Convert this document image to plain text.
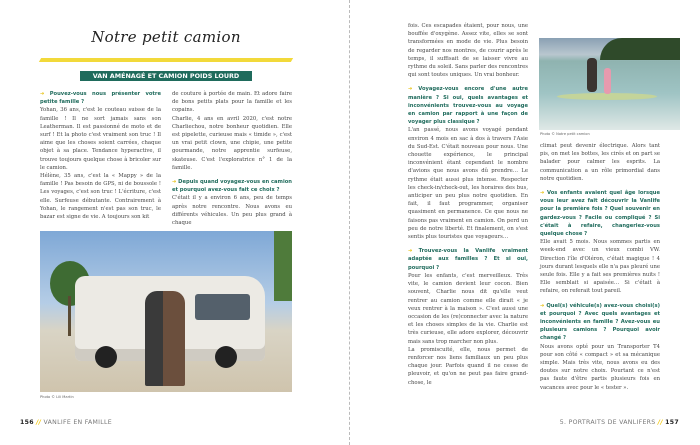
Notre petit camion
VAN AMÉNAGÉ ET CAMION POIDS LOURD

➜ Pouvez-vous nous présenter votre petite famille ?

Yohan, 36 ans, c'est le couteau suisse de la famille ! Il ne sort jamais sans son Leatherman. Il est passionné de moto et de surf ! Et la photo c'est vraiment son truc ! Il aime que les choses soient carrées, chaque objet à sa place. Tendance hyperactive, il trouve toujours quelque chose à bricoler sur le camion.

Hélène, 35 ans, c'est la « Mappy » de la famille ! Pas besoin de GPS, ni de boussole ! Les voyages, c'est son truc ! L'écriture, c'est elle. Surfeuse débutante. Contrairement à Yohan, le rangement n'est pas son truc, le bazar est signe de vie. A toujours son kit

de couture à portée de main. Et adore faire de bons petits plats pour la famille et les copains.

Charlie, 4 ans en avril 2020, c'est notre Charliechou, notre bonheur quotidien. Elle est pipelette, curieuse mais « timide », c'est un vrai petit clown, une chipie, une petite gourmande, notre apprentie surfeuse, skateuse. C'est l'exploratrice n° 1 de la famille.

➜ Depuis quand voyagez-vous en camion et pourquoi avez-vous fait ce choix ?

C'était il y a environ 6 ans, peu de temps après notre rencontre. Nous avons eu différents véhicules. Un peu plus grand à chaque

Photo © Lili Martin
156 // VANLIFE EN FAMILLE

fois. Ces escapades étaient, pour nous, une bouffée d'oxygène. Assez vite, elles se sont transformées en mode de vie. Plus besoin de regarder nos montres, de courir après le temps, il suffisait de se laisser vivre au rythme du soleil. Sans parler des rencontres qui sont toutes uniques. Un vrai bonheur.

➜ Voyagez-vous encore d'une autre manière ? Si oui, quels avantages et inconvénients trouvez-vous au voyage en camion par rapport à une façon de voyager plus classique ?

L'an passé, nous avons voyagé pendant environ 4 mois en sac à dos à travers l'Asie du Sud-Est. C'était nouveau pour nous. Une chouette expérience, le principal inconvénient étant cependant le nombre d'avions que nous avons dû prendre… Le rythme était aussi plus intense. Respecter les check-in/check-out, les horaires des bus, anticiper un peu plus notre quotidien. En fait, il faut programmer, organiser quasiment en permanence. Ce que nous ne faisons pas vraiment en camion. On perd un peu de notre liberté. Et finalement, on s'est sentis plus touristes que voyageurs…

➜ Trouvez-vous la Vanlife vraiment adaptée aux familles ? Et si oui, pourquoi ?

Pour les enfants, c'est merveilleux. Très vite, le camion devient leur cocon. Bien souvent, Charlie nous dit qu'elle veut rentrer au camion comme elle dirait « je veux rentrer à la maison ». C'est aussi une occasion de les (re)connecter avec la nature et les choses simples de la vie. Charlie est très curieuse, elle adore explorer, découvrir mais sans trop marcher non plus.

La promiscuité, elle, nous permet de renforcer nos liens familiaux un peu plus chaque jour. Parfois quand il ne cesse de pleuvoir, et qu'on ne peut pas faire grand-chose, le

Photo © Notre petit camion

climat peut devenir électrique. Alors tant pis, on met les bottes, les cirés et on part se balader pour calmer les esprits. La communication a un rôle primordial dans notre quotidien.

➜ Vos enfants avaient quel âge lorsque vous leur avez fait découvrir la Vanlife pour la première fois ? Quel souvenir en gardez-vous ? Facile ou compliqué ? Si c'était à refaire, changeriez-vous quelque chose ?

Elle avait 5 mois. Nous sommes partis en week-end avec un vieux combi VW. Direction l'île d'Oléron, c'était magique ! 4 jours durant lesquels elle n'a pas pleuré une seule fois. Elle y a fait ses premières nuits ! Elle semblait si apaisée… Si c'était à refaire, on referait tout pareil.

➜ Quel(s) véhicule(s) avez-vous choisi(s) et pourquoi ? Avec quels avantages et inconvénients en famille ? Avez-vous eu plusieurs camions ? Pourquoi avoir changé ?

Nous avons opté pour un Transporter T4 pour son côté « compact » et sa mécanique simple. Mais très vite, nous avons eu des doutes sur notre choix. Pourtant ce n'est pas faute d'être partis plusieurs fois en vacances avec pour le « tester ».

5. PORTRAITS DE VANLIFERS // 157
